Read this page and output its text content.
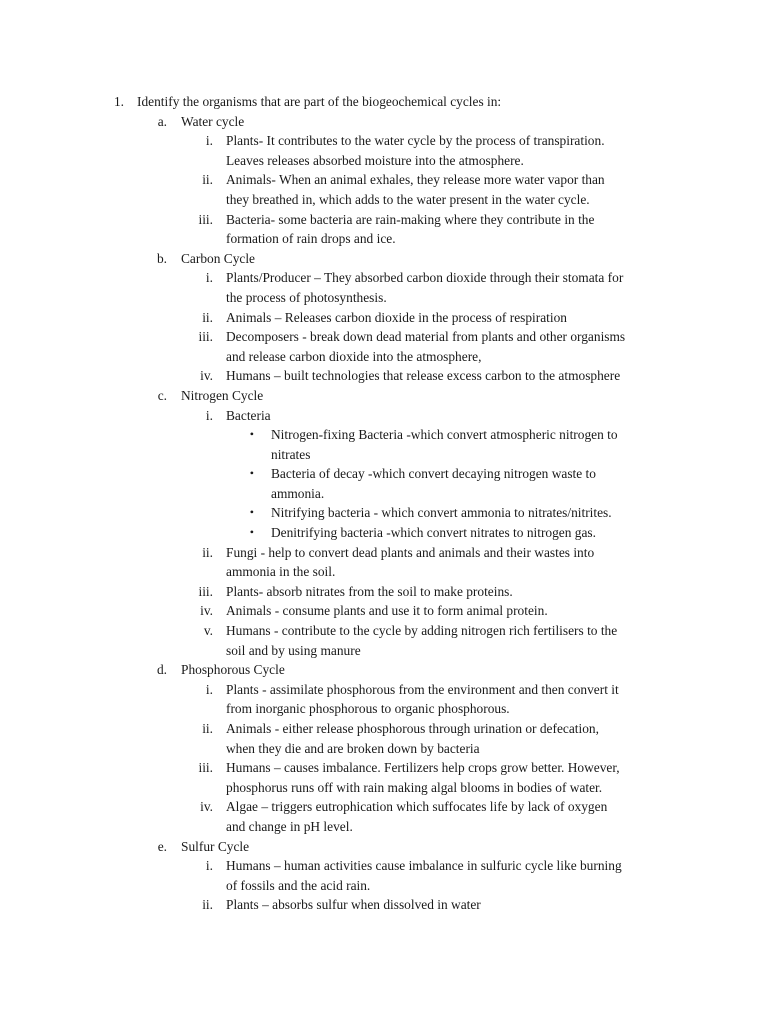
1. Identify the organisms that are part of the biogeochemical cycles in:
a. Water cycle
i. Plants- It contributes to the water cycle by the process of transpiration.
Leaves releases absorbed moisture into the atmosphere.
ii. Animals- When an animal exhales, they release more water vapor than
they breathed in, which adds to the water present in the water cycle.
iii. Bacteria- some bacteria are rain-making where they contribute in the
formation of rain drops and ice.
b. Carbon Cycle
i. Plants/Producer – They absorbed carbon dioxide through their stomata for
the process of photosynthesis.
ii. Animals – Releases carbon dioxide in the process of respiration
iii. Decomposers - break down dead material from plants and other organisms
and release carbon dioxide into the atmosphere,
iv. Humans – built technologies that release excess carbon to the atmosphere
c. Nitrogen Cycle
i. Bacteria
• Nitrogen-fixing Bacteria -which convert atmospheric nitrogen to
nitrates
• Bacteria of decay -which convert decaying nitrogen waste to
ammonia.
• Nitrifying bacteria - which convert ammonia to nitrates/nitrites.
• Denitrifying bacteria -which convert nitrates to nitrogen gas.
ii. Fungi - help to convert dead plants and animals and their wastes into
ammonia in the soil.
iii. Plants- absorb nitrates from the soil to make proteins.
iv. Animals - consume plants and use it to form animal protein.
v. Humans - contribute to the cycle by adding nitrogen rich fertilisers to the
soil and by using manure
d. Phosphorous Cycle
i. Plants - assimilate phosphorous from the environment and then convert it
from inorganic phosphorous to organic phosphorous.
ii. Animals - either release phosphorous through urination or defecation,
when they die and are broken down by bacteria
iii. Humans – causes imbalance. Fertilizers help crops grow better. However,
phosphorus runs off with rain making algal blooms in bodies of water.
iv. Algae – triggers eutrophication which suffocates life by lack of oxygen
and change in pH level.
e. Sulfur Cycle
i. Humans – human activities cause imbalance in sulfuric cycle like burning
of fossils and the acid rain.
ii. Plants – absorbs sulfur when dissolved in water
